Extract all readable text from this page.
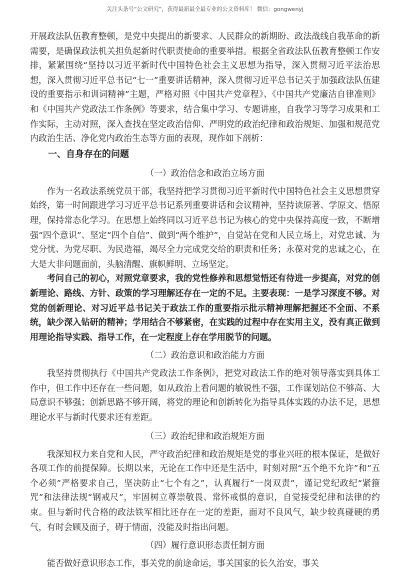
关注头条号“公文研究”，获得最新最全最专业的公文资料库！ 微信：gongwenyj

开展政法队伍教育整顿，是党中央提出的新要求、人民群众的新期盼、政法战线自我革命的新需要，是确保政法机关担负起新时代职责使命的重要举措。根据全省政法队伍教育整顿工作安排，紧紧围绕“坚持以习近平新时代中国特色社会主义思想为指导，深入贯彻习近平法治思想，深入贯彻习近平总书记“七一”重要讲话精神，深入贯彻习近平总书记关于加强政法队伍建设的重要指示和训词精神”主题，严格对照《中国共产党章程》、《中国共产党廉洁自律准则》和《中国共产党政法工作条例》等要求，结合集中学习、专题讲座，自我学习等学习成果和工作实际，主动对照，深入查找在坚定政治信仰、严明党的政治纪律和政治规矩、加强和规范党内政治生活、净化党内政治生态等方面的表现，现作如下剖析：

一、自身存在的问题
（一）政治信念和政治立场方面

作为一名政法系统党员干部，我坚持把学习贯彻习近平新时代中国特色社会主义思想贯穿始终，第一时间跟进学习习近平总书记系列重要讲话和会议精神，坚持读原著、学原文、悟原理，保持常态化学习。在思想上始终同以习近平总书记为核心的党中央保持高度一致，不断增强“四个意识”、坚定“四个自信”、做到“两个维护”，自觉站在党和人民立场上，对党忠诚、为党分忧、为党尽职、为民造福，竭尽全力完成党交给的职责和任务；永葆对党的忠诚之心，在大是大非问题面前，头脑清醒、旗帜鲜明、立场坚定。

考问自己的初心，对照党章要求，我的党性修养和思想觉悟还有待进一步提高，对党的创新理论、路线、方针、政策的学习理解还存在一定的不足。主要表现：一是学习深度不够。对党的创新理论、对习近平总书记关于政法工作的重要指示批示精神理解把握还不全面、不系统，缺少深入钻研的精神；学用结合不够紧密，在实践的过程中存在实用主义，没有真正做到用理论指导实践、指导工作，在一定程度上存在学用脱节的问题。

（二）政治意识和政治能力方面

我坚持贯彻执行《中国共产党政法工作条例》，把党对政法工作的绝对领导落实到具体工作中，但工作中还存在一些问题，如从政治上看问题的敏锐性不强，工作谋划站位不够高、大局意识不够强；创新思路不够开阔，将党的理论和创新转化为指导具体实践的办法不足，思想理论水平与新时代要求还有差距。

（三）政治纪律和政治规矩方面

我深知权力来自党和人民，严守政治纪律和政治规矩是党的事业兴旺的根本保证，是做好各项工作的前提保障。长期以来，无论在工作中还是生活中，时刻对照“五个绝不允许”和“五个必须”严格要求自己，坚决防止“七个有之”，认真履行“一岗双责”，谨记党纪政纪“紧箍咒”和法律法规“钢戒尺”，牢固树立尊崇敬畏、常怀戒惧的意识，自觉接受纪律和法律的约束。但与新时代合格的政法铁军相比还存在一定的差距，面对不良风气，缺少较真碰硬的勇气，有时会顾及面子，碍于情面，没能及时指出问题。

（四）履行意识形态责任制方面

能否做好意识形态工作，事关党的前途命运，事关国家的长久治安，事关
